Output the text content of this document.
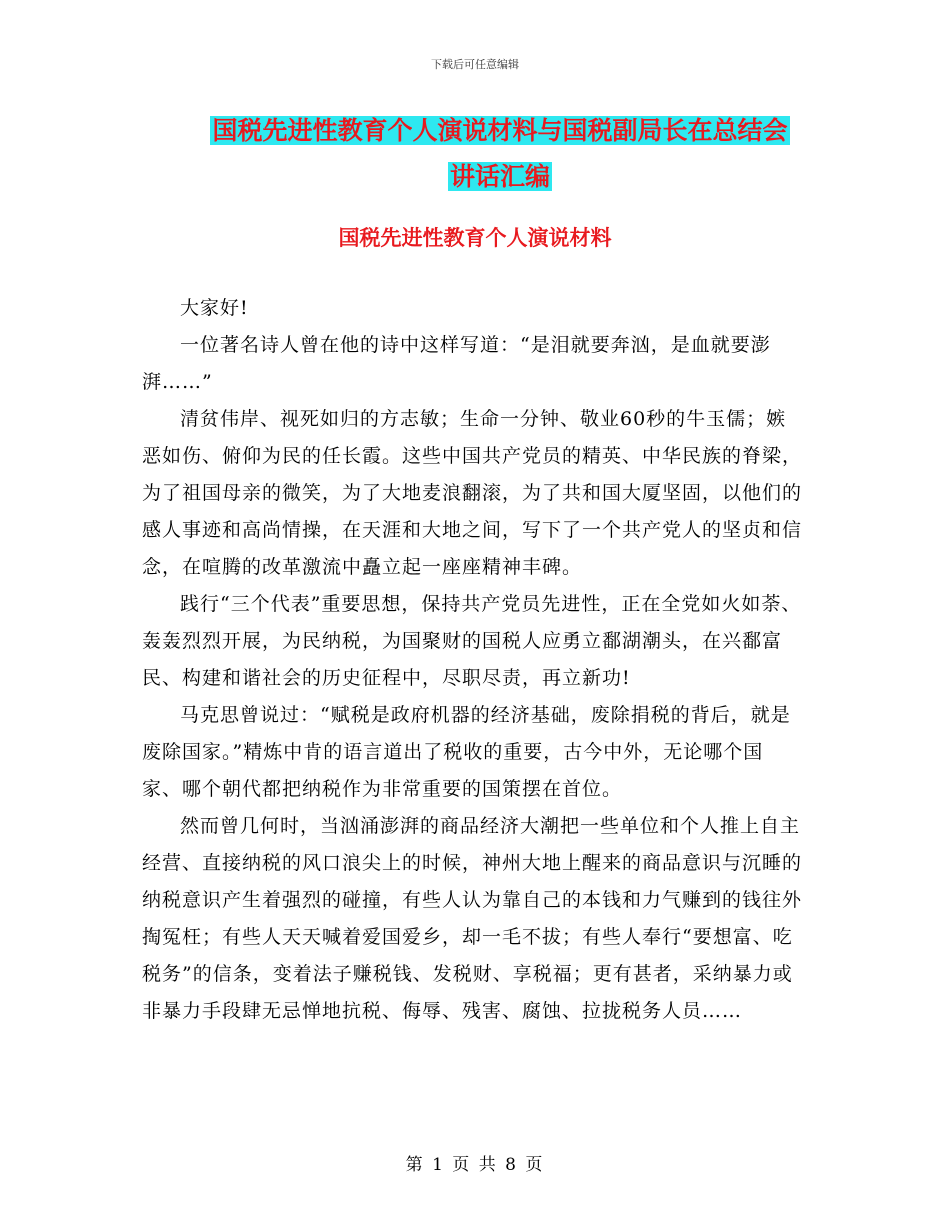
下载后可任意编辑
国税先进性教育个人演说材料与国税副局长在总结会
讲话汇编
国税先进性教育个人演说材料

大家好!

一位著名诗人曾在他的诗中这样写道：“是泪就要奔汹，是血就要澎湃……”

清贫伟岸、视死如归的方志敏；生命一分钟、敬业60秒的牛玉儒；嫉恶如伤、俯仰为民的任长霞。这些中国共产党员的精英、中华民族的脊梁，为了祖国母亲的微笑，为了大地麦浪翻滚，为了共和国大厦坚固，以他们的感人事迹和高尚情操，在天涯和大地之间，写下了一个共产党人的坚贞和信念，在喧腾的改革激流中矗立起一座座精神丰碑。

践行“三个代表”重要思想，保持共产党员先进性，正在全党如火如荼、轰轰烈烈开展，为民纳税，为国聚财的国税人应勇立鄱湖潮头，在兴鄱富民、构建和谐社会的历史征程中，尽职尽责，再立新功!

马克思曾说过：“赋税是政府机器的经济基础，废除捐税的背后，就是废除国家。”精炼中肯的语言道出了税收的重要，古今中外，无论哪个国家、哪个朝代都把纳税作为非常重要的国策摆在首位。

然而曾几何时，当汹涌澎湃的商品经济大潮把一些单位和个人推上自主经营、直接纳税的风口浪尖上的时候，神州大地上醒来的商品意识与沉睡的纳税意识产生着强烈的碰撞，有些人认为靠自己的本钱和力气赚到的钱往外掏冤枉；有些人天天喊着爱国爱乡，却一毛不拔；有些人奉行“要想富、吃税务”的信条，变着法子赚税钱、发税财、享税福；更有甚者，采纳暴力或非暴力手段肆无忌惮地抗税、侮辱、残害、腐蚀、拉拢税务人员……

第 1 页 共 8 页
